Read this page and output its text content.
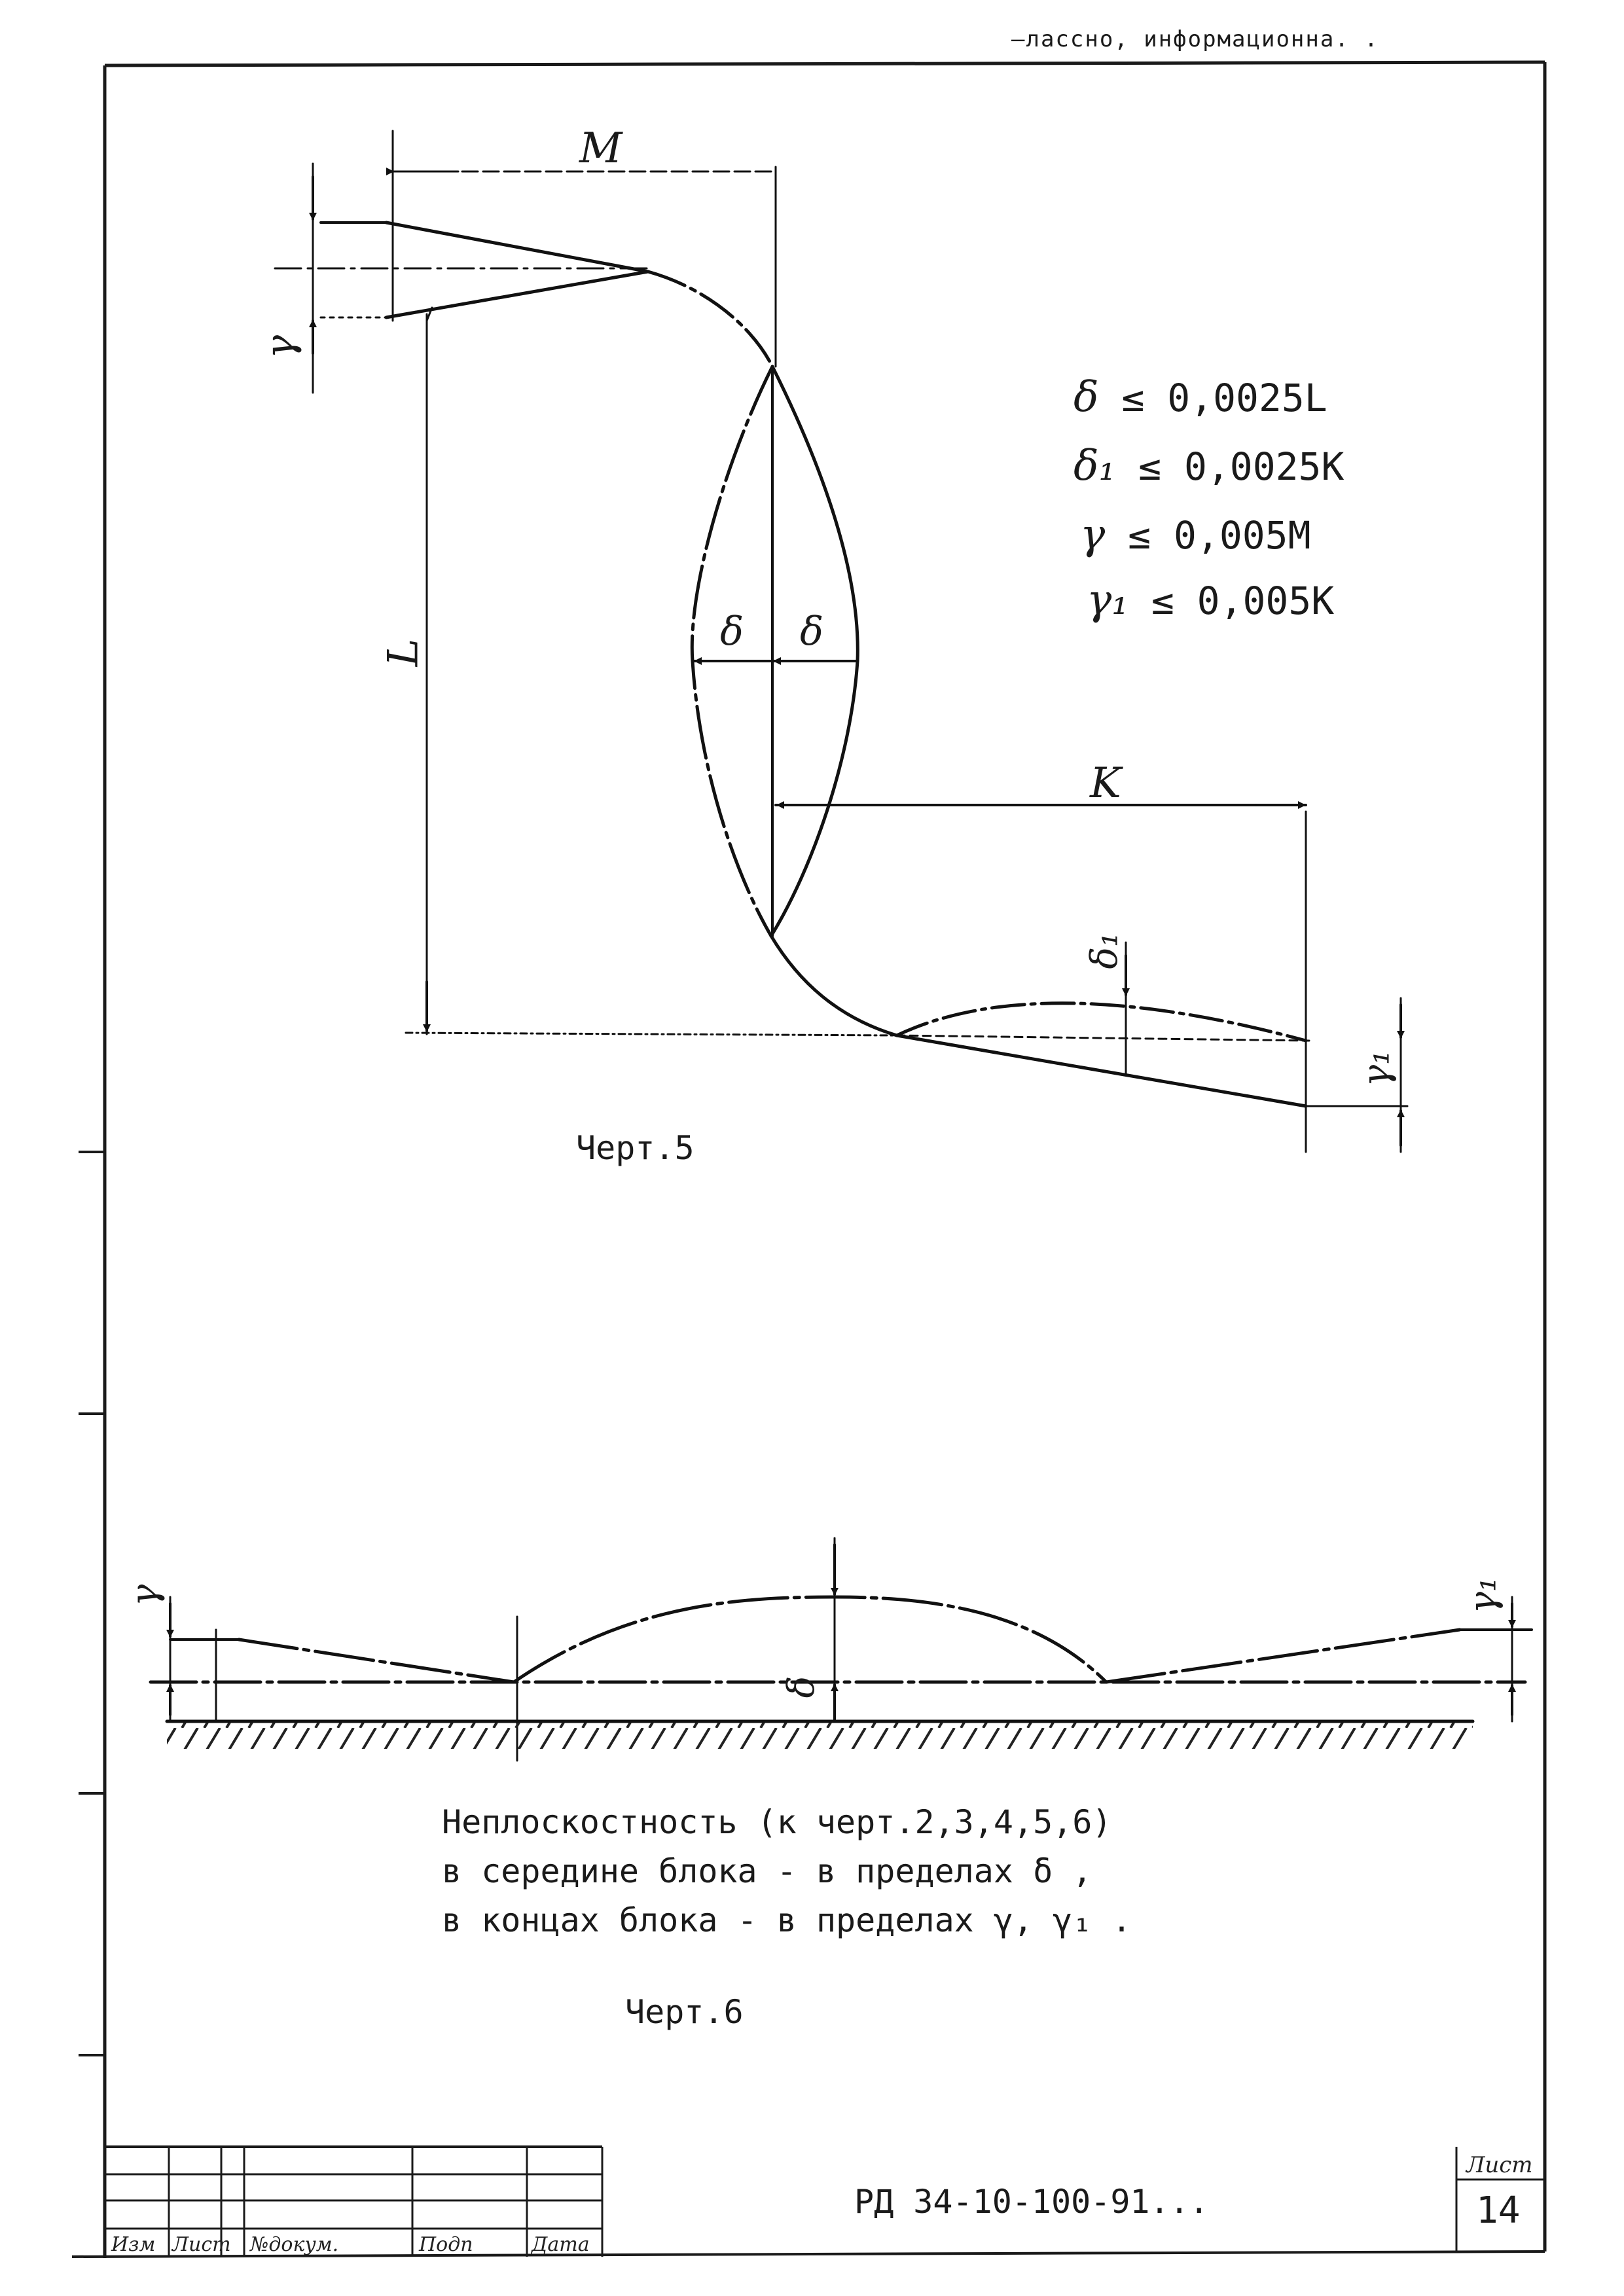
—лассно, информационна. .
M
γ
L	δ δ
K
δ₁
γ₁
δ ≤ 0,0025L
δ₁ ≤ 0,0025K
γ ≤ 0,005M
γ₁ ≤ 0,005K
Черт.5
γ
δ
γ₁
Неплоскостность (к черт.2,3,4,5,6)
в середине блока - в пределах δ ,
в концах блока - в пределах γ, γ₁ .
Черт.6
Изм Лист №докум.	Подп	Дата
РД 34-10-100-91...
Лист
14
